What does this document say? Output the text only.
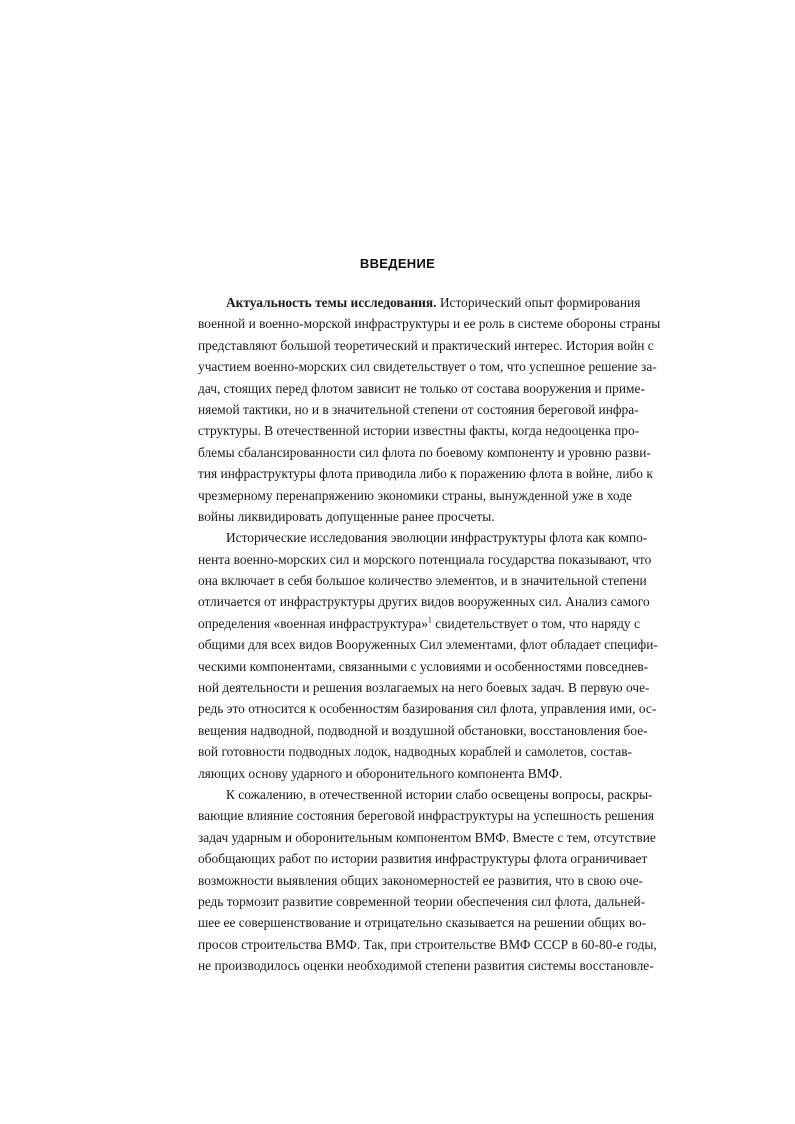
ВВЕДЕНИЕ
Актуальность темы исследования. Исторический опыт формирования
военной и военно-морской инфраструктуры и ее роль в системе обороны страны
представляют большой теоретический и практический интерес. История войн с
участием военно-морских сил свидетельствует о том, что успешное решение за-
дач, стоящих перед флотом зависит не только от состава вооружения и приме-
няемой тактики, но и в значительной степени от состояния береговой инфра-
структуры. В отечественной истории известны факты, когда недооценка про-
блемы сбалансированности сил флота по боевому компоненту и уровню разви-
тия инфраструктуры флота приводила либо к поражению флота в войне, либо к
чрезмерному перенапряжению экономики страны, вынужденной уже в ходе
войны ликвидировать допущенные ранее просчеты.
Исторические исследования эволюции инфраструктуры флота как компо-
нента военно-морских сил и морского потенциала государства показывают, что
она включает в себя большое количество элементов, и в значительной степени
отличается от инфраструктуры других видов вооруженных сил. Анализ самого
определения «военная инфраструктура»$^1$ свидетельствует о том, что наряду с
общими для всех видов Вооруженных Сил элементами, флот обладает специфи-
ческими компонентами, связанными с условиями и особенностями повседнев-
ной деятельности и решения возлагаемых на него боевых задач. В первую оче-
редь это относится к особенностям базирования сил флота, управления ими, ос-
вещения надводной, подводной и воздушной обстановки, восстановления бое-
вой готовности подводных лодок, надводных кораблей и самолетов, состав-
ляющих основу ударного и оборонительного компонента ВМФ.
К сожалению, в отечественной истории слабо освещены вопросы, раскры-
вающие влияние состояния береговой инфраструктуры на успешность решения
задач ударным и оборонительным компонентом ВМФ. Вместе с тем, отсутствие
обобщающих работ по истории развития инфраструктуры флота ограничивает
возможности выявления общих закономерностей ее развития, что в свою оче-
редь тормозит развитие современной теории обеспечения сил флота, дальней-
шее ее совершенствование и отрицательно сказывается на решении общих во-
просов строительства ВМФ. Так, при строительстве ВМФ СССР в 60-80-е годы,
не производилось оценки необходимой степени развития системы восстановле-
